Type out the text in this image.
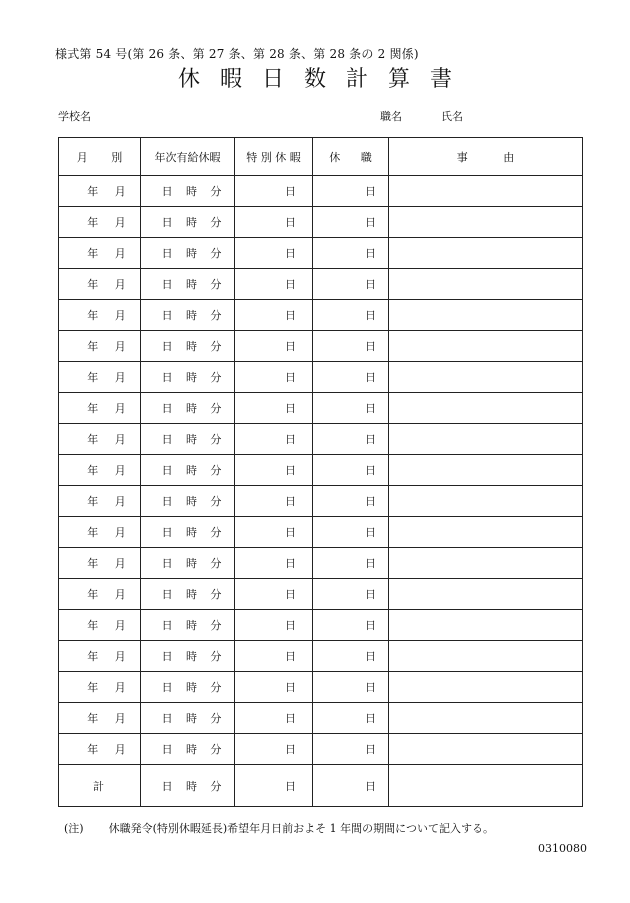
様式第 54 号(第 26 条、第 27 条、第 28 条、第 28 条の 2 関係)
休暇日数計算書
学校名	職名	氏名
月 別	年次有給休暇	特 別 休 暇	休 職	事 由

年 月	日 時 分	日	日	

年 月	日 時 分	日	日	

年 月	日 時 分	日	日	

年 月	日 時 分	日	日	

年 月	日 時 分	日	日	

年 月	日 時 分	日	日	

年 月	日 時 分	日	日	

年 月	日 時 分	日	日	

年 月	日 時 分	日	日	

年 月	日 時 分	日	日	

年 月	日 時 分	日	日	

年 月	日 時 分	日	日	

年 月	日 時 分	日	日	

年 月	日 時 分	日	日	

年 月	日 時 分	日	日	

年 月	日 時 分	日	日	

年 月	日 時 分	日	日	

年 月	日 時 分	日	日	

年 月	日 時 分	日	日	

計	日 時 分	日	日	
(注) 休職発令(特別休暇延長)希望年月日前およそ 1 年間の期間について記入する。
0310080
